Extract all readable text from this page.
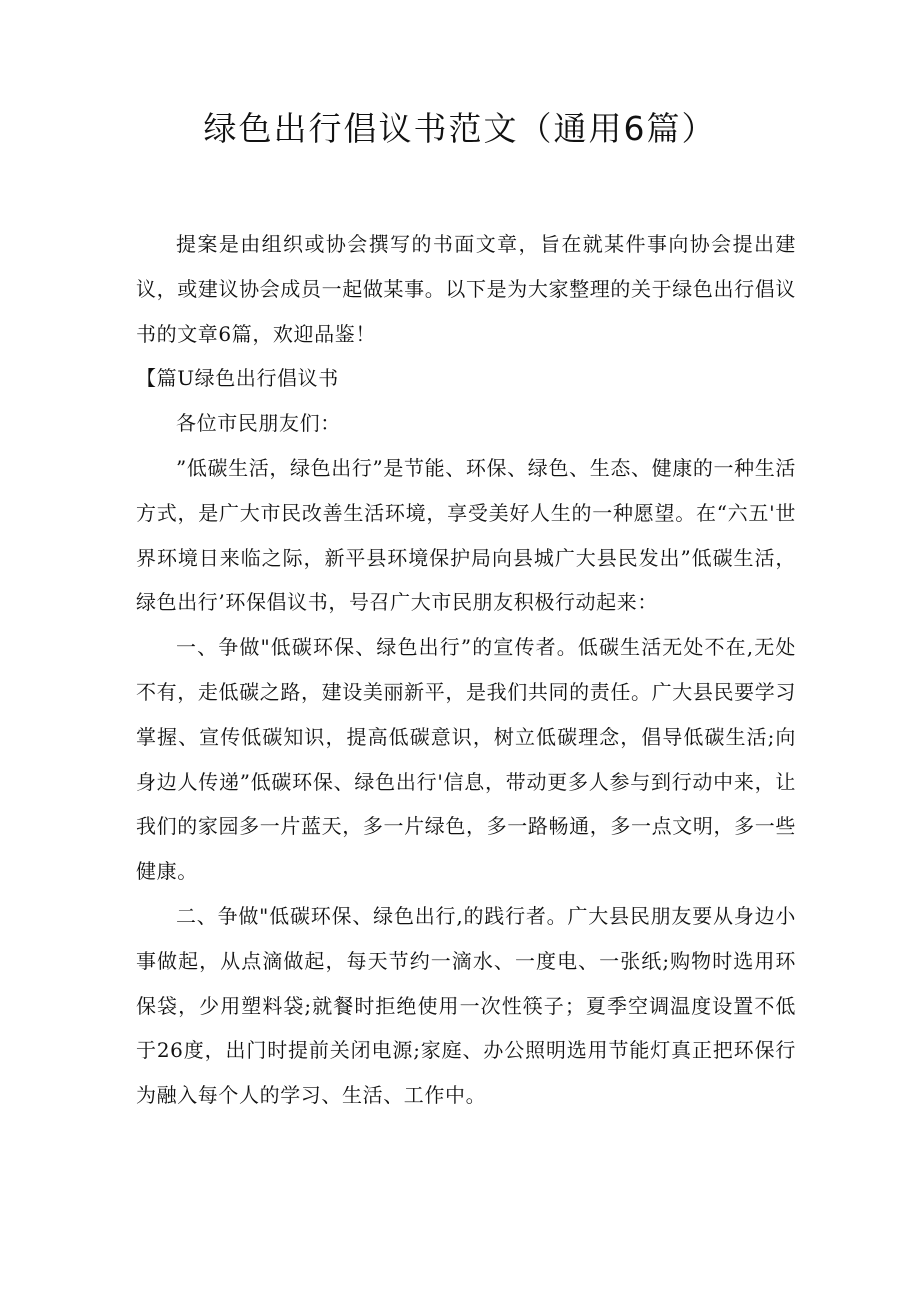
绿色出行倡议书范文（通用6篇）

提案是由组织或协会撰写的书面文章，旨在就某件事向协会提出建议，或建议协会成员一起做某事。以下是为大家整理的关于绿色出行倡议书的文章6篇，欢迎品鉴！

【篇U绿色出行倡议书

各位市民朋友们：

”低碳生活，绿色出行”是节能、环保、绿色、生态、健康的一种生活方式，是广大市民改善生活环境，享受美好人生的一种愿望。在“六五'世界环境日来临之际，新平县环境保护局向县城广大县民发出”低碳生活，绿色出行’环保倡议书，号召广大市民朋友积极行动起来：

一、争做"低碳环保、绿色出行”的宣传者。低碳生活无处不在,无处不有，走低碳之路，建设美丽新平，是我们共同的责任。广大县民要学习掌握、宣传低碳知识，提高低碳意识，树立低碳理念，倡导低碳生活;向身边人传递”低碳环保、绿色出行'信息，带动更多人参与到行动中来，让我们的家园多一片蓝天，多一片绿色，多一路畅通，多一点文明，多一些健康。

二、争做"低碳环保、绿色出行,的践行者。广大县民朋友要从身边小事做起，从点滴做起，每天节约一滴水、一度电、一张纸;购物时选用环保袋，少用塑料袋;就餐时拒绝使用一次性筷子；夏季空调温度设置不低于26度，出门时提前关闭电源;家庭、办公照明选用节能灯真正把环保行为融入每个人的学习、生活、工作中。
